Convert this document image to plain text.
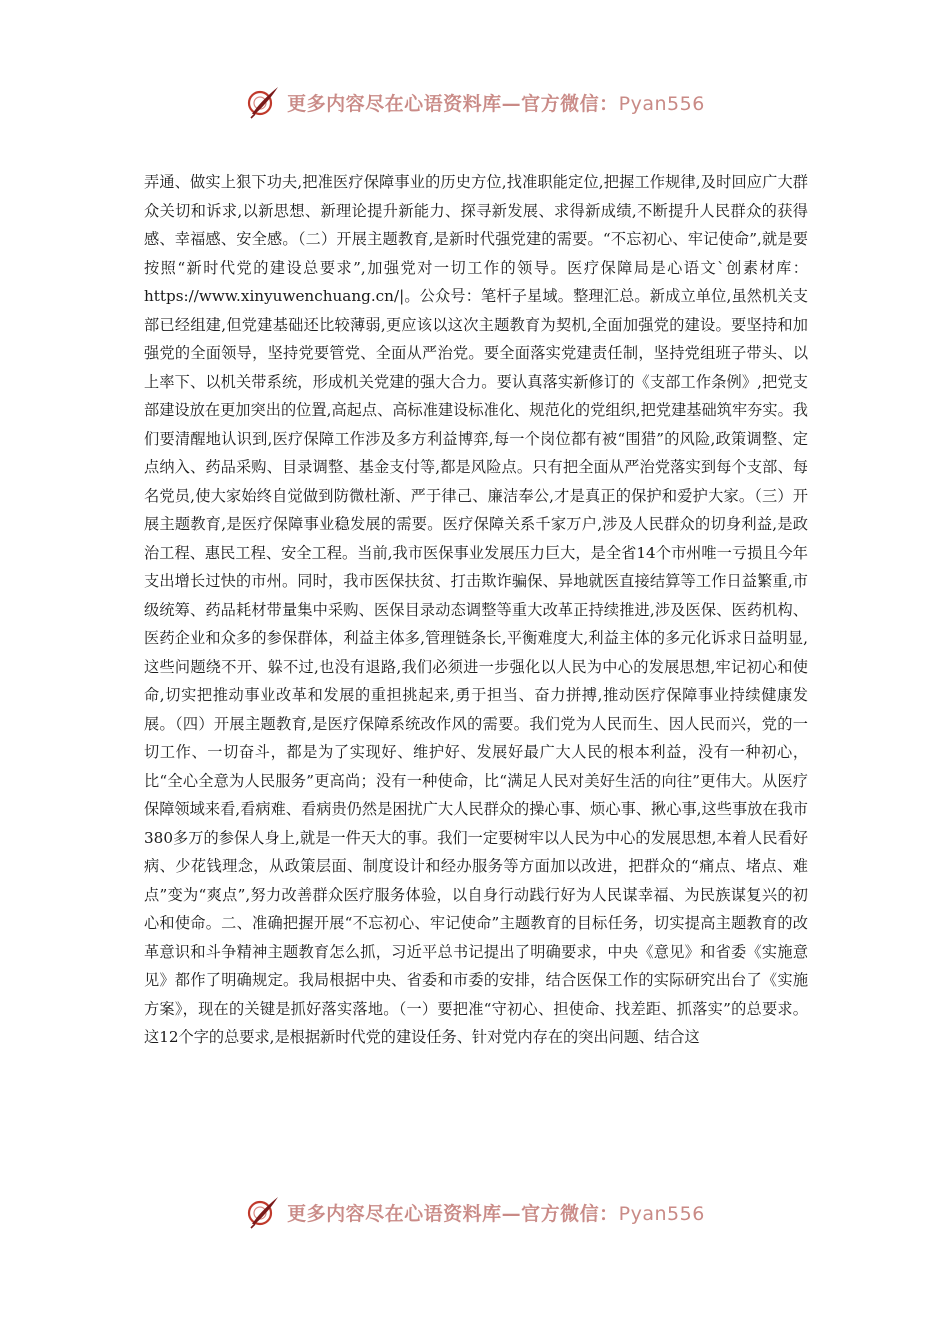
更多内容尽在心语资料库—官方微信：Pyan556

弄通、做实上狠下功夫,把准医疗保障事业的历史方位,找准职能定位,把握工作规律,及时回应广大群众关切和诉求,以新思想、新理论提升新能力、探寻新发展、求得新成绩,不断提升人民群众的获得感、幸福感、安全感。（二）开展主题教育,是新时代强党建的需要。“不忘初心、牢记使命”,就是要按照“新时代党的建设总要求”,加强党对一切工作的领导。医疗保障局是心语文`创素材库：https://www.xinyuwenchuang.cn/|。公众号：笔杆子星域。整理汇总。新成立单位,虽然机关支部已经组建,但党建基础还比较薄弱,更应该以这次主题教育为契机,全面加强党的建设。要坚持和加强党的全面领导，坚持党要管党、全面从严治党。要全面落实党建责任制，坚持党组班子带头、以上率下、以机关带系统，形成机关党建的强大合力。要认真落实新修订的《支部工作条例》,把党支部建设放在更加突出的位置,高起点、高标准建设标准化、规范化的党组织,把党建基础筑牢夯实。我们要清醒地认识到,医疗保障工作涉及多方利益博弈,每一个岗位都有被“围猎”的风险,政策调整、定点纳入、药品采购、目录调整、基金支付等,都是风险点。只有把全面从严治党落实到每个支部、每名党员,使大家始终自觉做到防微杜渐、严于律己、廉洁奉公,才是真正的保护和爱护大家。（三）开展主题教育,是医疗保障事业稳发展的需要。医疗保障关系千家万户,涉及人民群众的切身利益,是政治工程、惠民工程、安全工程。当前,我市医保事业发展压力巨大，是全省14个市州唯一亏损且今年支出增长过快的市州。同时，我市医保扶贫、打击欺诈骗保、异地就医直接结算等工作日益繁重,市级统筹、药品耗材带量集中采购、医保目录动态调整等重大改革正持续推进,涉及医保、医药机构、医药企业和众多的参保群体，利益主体多,管理链条长,平衡难度大,利益主体的多元化诉求日益明显,这些问题绕不开、躲不过,也没有退路,我们必须进一步强化以人民为中心的发展思想,牢记初心和使命,切实把推动事业改革和发展的重担挑起来,勇于担当、奋力拼搏,推动医疗保障事业持续健康发展。（四）开展主题教育,是医疗保障系统改作风的需要。我们党为人民而生、因人民而兴，党的一切工作、一切奋斗，都是为了实现好、维护好、发展好最广大人民的根本利益，没有一种初心，比“全心全意为人民服务”更高尚；没有一种使命，比“满足人民对美好生活的向往”更伟大。从医疗保障领域来看,看病难、看病贵仍然是困扰广大人民群众的操心事、烦心事、揪心事,这些事放在我市380多万的参保人身上,就是一件天大的事。我们一定要树牢以人民为中心的发展思想,本着人民看好病、少花钱理念，从政策层面、制度设计和经办服务等方面加以改进，把群众的“痛点、堵点、难点”变为“爽点”,努力改善群众医疗服务体验，以自身行动践行好为人民谋幸福、为民族谋复兴的初心和使命。二、准确把握开展“不忘初心、牢记使命”主题教育的目标任务，切实提高主题教育的改革意识和斗争精神主题教育怎么抓，习近平总书记提出了明确要求，中央《意见》和省委《实施意见》都作了明确规定。我局根据中央、省委和市委的安排，结合医保工作的实际研究出台了《实施方案》，现在的关键是抓好落实落地。（一）要把准“守初心、担使命、找差距、抓落实”的总要求。这12个字的总要求,是根据新时代党的建设任务、针对党内存在的突出问题、结合这

更多内容尽在心语资料库—官方微信：Pyan556
